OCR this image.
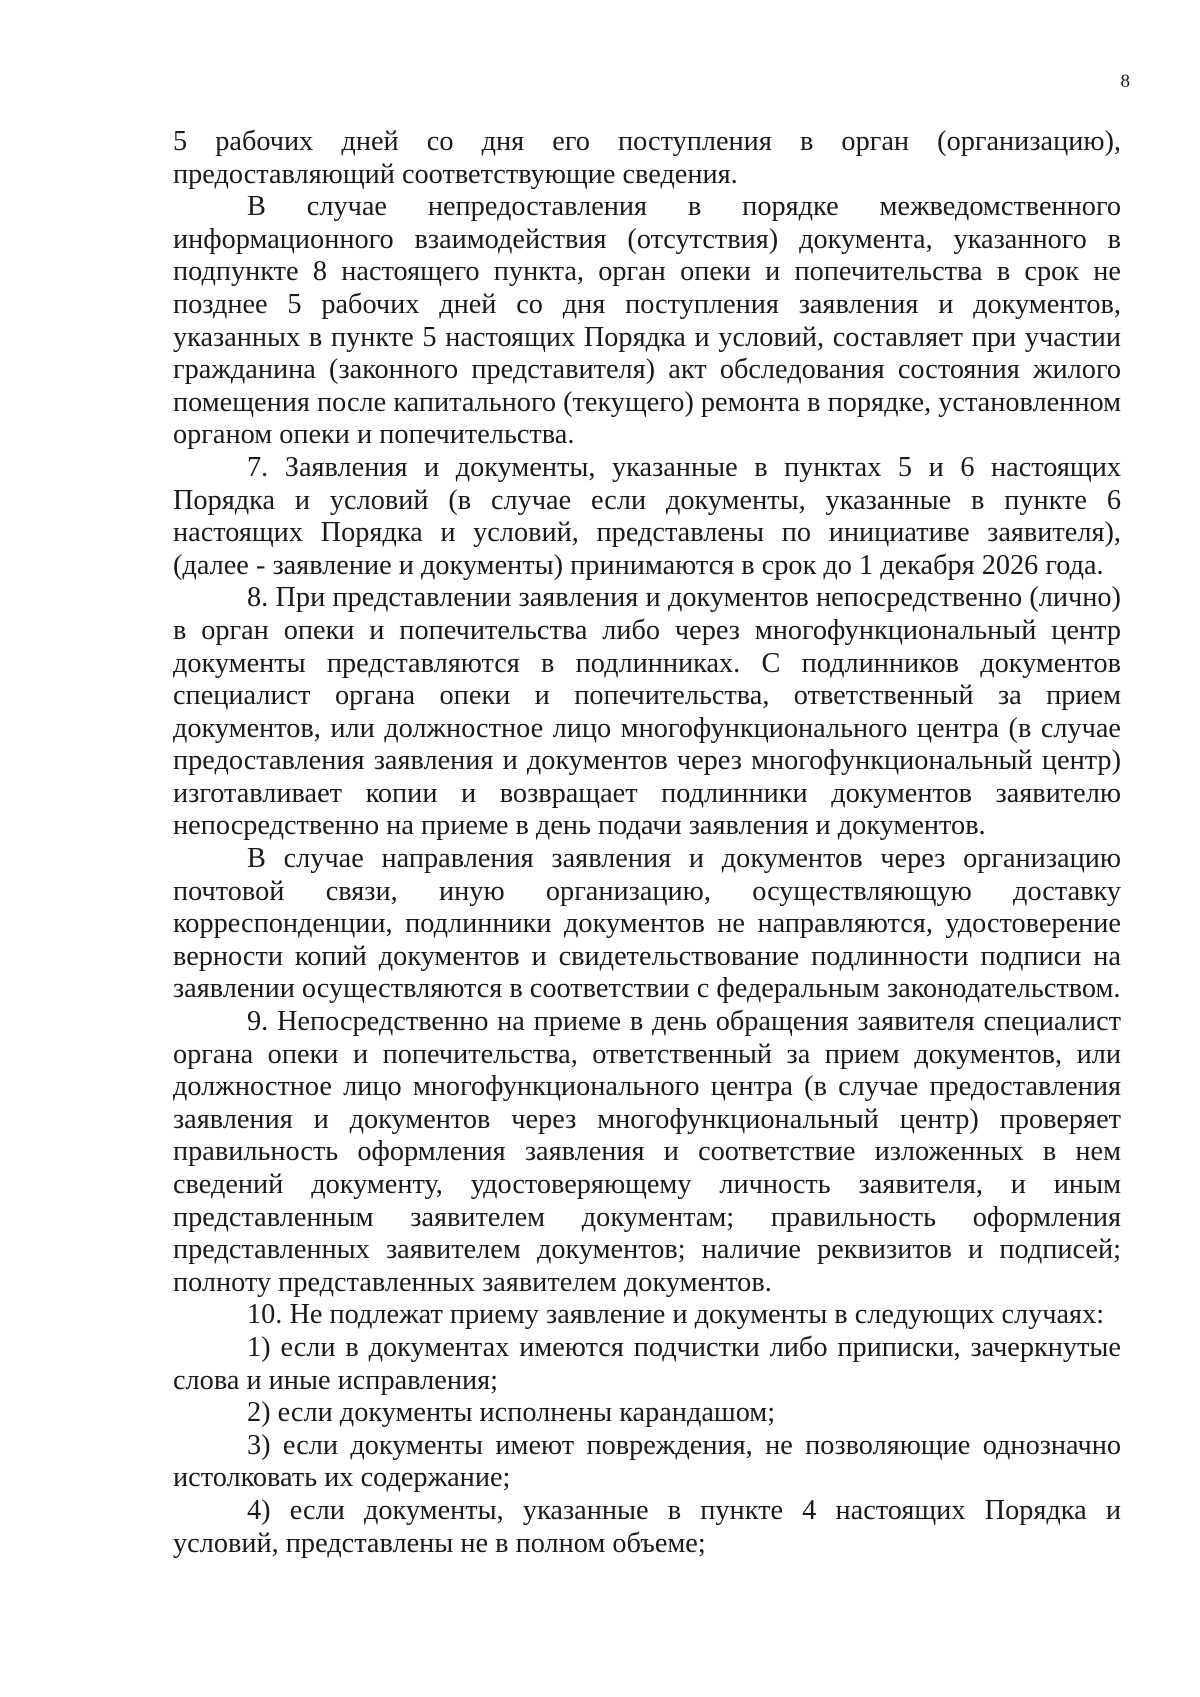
8

5 рабочих дней со дня его поступления в орган (организацию), предоставляющий соответствующие сведения.

В случае непредоставления в порядке межведомственного информационного взаимодействия (отсутствия) документа, указанного в подпункте 8 настоящего пункта, орган опеки и попечительства в срок не позднее 5 рабочих дней со дня поступления заявления и документов, указанных в пункте 5 настоящих Порядка и условий, составляет при участии гражданина (законного представителя) акт обследования состояния жилого помещения после капитального (текущего) ремонта в порядке, установленном органом опеки и попечительства.

7. Заявления и документы, указанные в пунктах 5 и 6 настоящих Порядка и условий (в случае если документы, указанные в пункте 6 настоящих Порядка и условий, представлены по инициативе заявителя), (далее - заявление и документы) принимаются в срок до 1 декабря 2026 года.

8. При представлении заявления и документов непосредственно (лично) в орган опеки и попечительства либо через многофункциональный центр документы представляются в подлинниках. С подлинников документов специалист органа опеки и попечительства, ответственный за прием документов, или должностное лицо многофункционального центра (в случае предоставления заявления и документов через многофункциональный центр) изготавливает копии и возвращает подлинники документов заявителю непосредственно на приеме в день подачи заявления и документов.

В случае направления заявления и документов через организацию почтовой связи, иную организацию, осуществляющую доставку корреспонденции, подлинники документов не направляются, удостоверение верности копий документов и свидетельствование подлинности подписи на заявлении осуществляются в соответствии с федеральным законодательством.

9. Непосредственно на приеме в день обращения заявителя специалист органа опеки и попечительства, ответственный за прием документов, или должностное лицо многофункционального центра (в случае предоставления заявления и документов через многофункциональный центр) проверяет правильность оформления заявления и соответствие изложенных в нем сведений документу, удостоверяющему личность заявителя, и иным представленным заявителем документам; правильность оформления представленных заявителем документов; наличие реквизитов и подписей; полноту представленных заявителем документов.

10. Не подлежат приему заявление и документы в следующих случаях:

1) если в документах имеются подчистки либо приписки, зачеркнутые слова и иные исправления;

2) если документы исполнены карандашом;

3) если документы имеют повреждения, не позволяющие однозначно истолковать их содержание;

4) если документы, указанные в пункте 4 настоящих Порядка и условий, представлены не в полном объеме;
